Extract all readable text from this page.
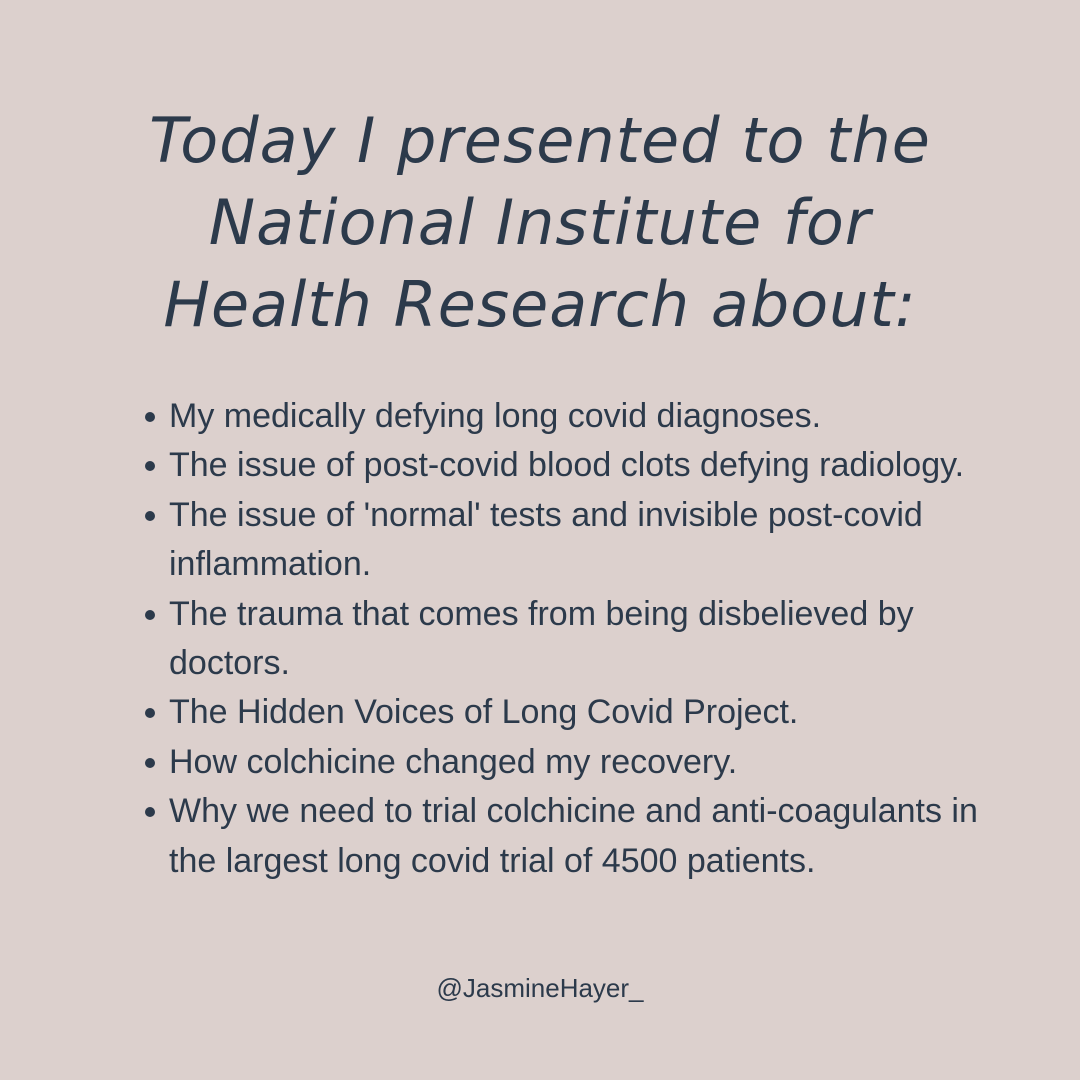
Today I presented to the
National Institute for
Health Research about:
My medically defying long covid diagnoses.
The issue of post-covid blood clots defying radiology.
The issue of 'normal' tests and invisible post-covid inflammation.
The trauma that comes from being disbelieved by doctors.
The Hidden Voices of Long Covid Project.
How colchicine changed my recovery.
Why we need to trial colchicine and anti-coagulants in the largest long covid trial of 4500 patients.
@JasmineHayer_
